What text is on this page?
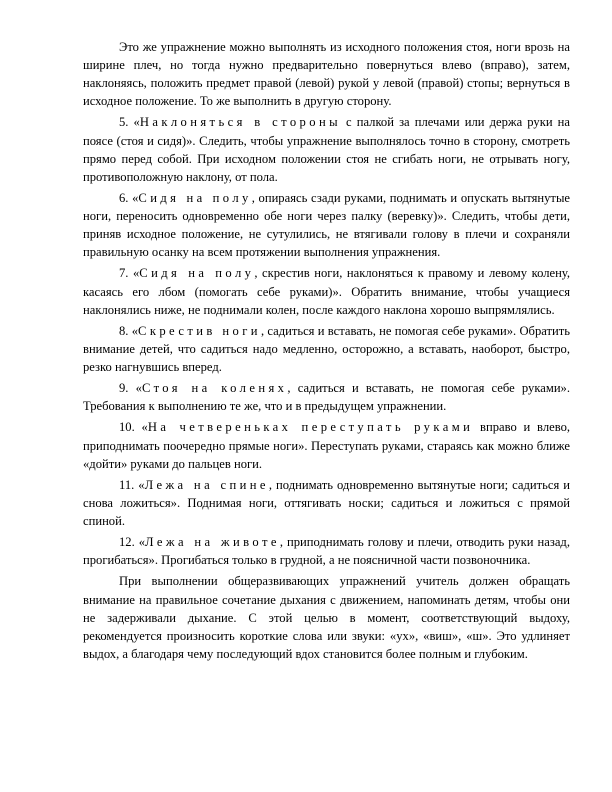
Это же упражнение можно выполнять из исходного положения стоя, ноги врозь на ширине плеч, но тогда нужно предварительно повернуться влево (вправо), затем, наклоняясь, положить предмет правой (левой) рукой у левой (правой) стопы; вернуться в исходное положение. То же выполнить в другую сторону.

5. «Наклоняться в стороны с палкой за плечами или держа руки на поясе (стоя и сидя)». Следить, чтобы упражнение выполнялось точно в сторону, смотреть прямо перед собой. При исходном положении стоя не сгибать ноги, не отрывать ногу, противоположную наклону, от пола.

6. «Сидя на полу, опираясь сзади руками, поднимать и опускать вытянутые ноги, переносить одновременно обе ноги через палку (веревку)». Следить, чтобы дети, приняв исходное положение, не сутулились, не втягивали голову в плечи и сохраняли правильную осанку на всем протяжении выполнения упражнения.

7. «Сидя на полу, скрестив ноги, наклоняться к правому и левому колену, касаясь его лбом (помогать себе руками)». Обратить внимание, чтобы учащиеся наклонялись ниже, не поднимали колен, после каждого наклона хорошо выпрямлялись.

8. «Скрестив ноги, садиться и вставать, не помогая себе руками». Обратить внимание детей, что садиться надо медленно, осторожно, а вставать, наоборот, быстро, резко нагнувшись вперед.

9. «Стоя на коленях, садиться и вставать, не помогая себе руками». Требования к выполнению те же, что и в предыдущем упражнении.

10. «На четвереньках переступать руками вправо и влево, приподнимать поочередно прямые ноги». Переступать руками, стараясь как можно ближе «дойти» руками до пальцев ноги.

11. «Лежа на спине, поднимать одновременно вытянутые ноги; садиться и снова ложиться». Поднимая ноги, оттягивать носки; садиться и ложиться с прямой спиной.

12. «Лежа на животе, приподнимать голову и плечи, отводить руки назад, прогибаться». Прогибаться только в грудной, а не поясничной части позвоночника.

При выполнении общеразвивающих упражнений учитель должен обращать внимание на правильное сочетание дыхания с движением, напоминать детям, чтобы они не задерживали дыхание. С этой целью в момент, соответствующий выдоху, рекомендуется произносить короткие слова или звуки: «ух», «виш», «ш». Это удлиняет выдох, а благодаря чему последующий вдох становится более полным и глубоким.
